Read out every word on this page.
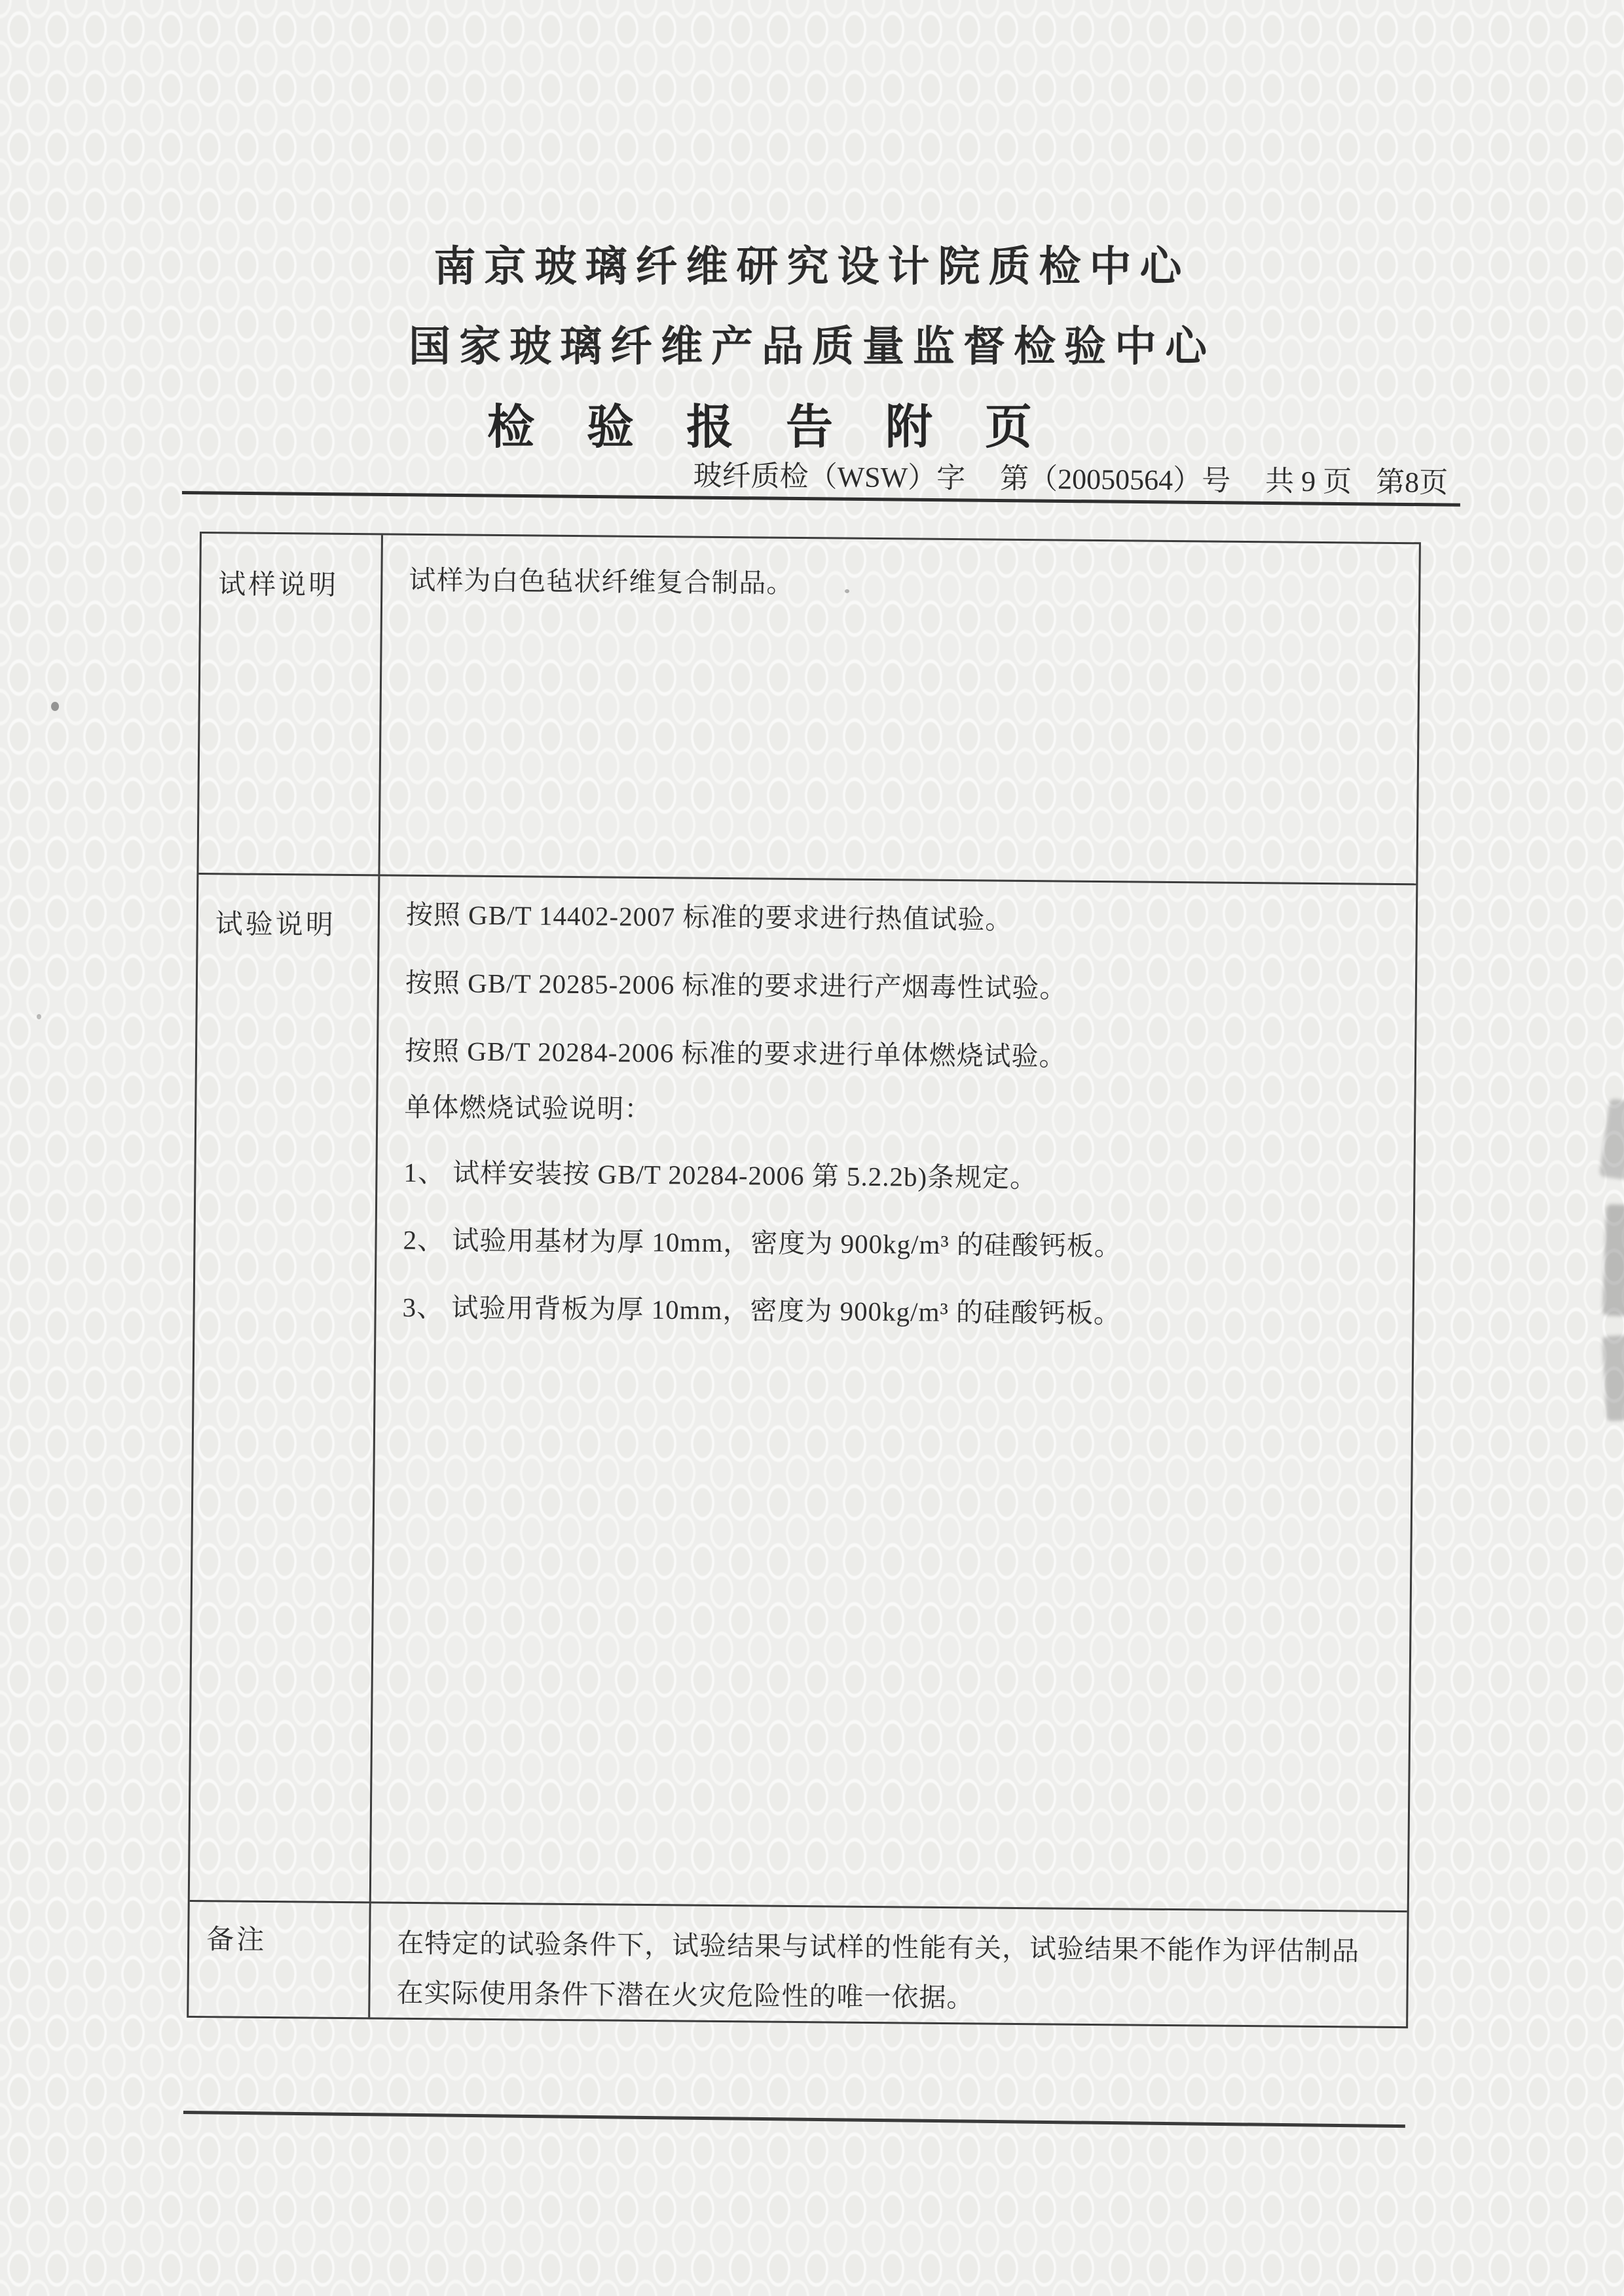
南京玻璃纤维研究设计院质检中心
国家玻璃纤维产品质量监督检验中心
检验报告附页
玻纤质检（WSW）字 第（20050564）号 共 9 页 第8页
试样说明	试样为白色毡状纤维复合制品。
试验说明	按照 GB/T 14402-2007 标准的要求进行热值试验。
按照 GB/T 20285-2006 标准的要求进行产烟毒性试验。
按照 GB/T 20284-2006 标准的要求进行单体燃烧试验。
单体燃烧试验说明：
1、 试样安装按 GB/T 20284-2006 第 5.2.2b)条规定。
2、 试验用基材为厚 10mm，密度为 900kg/m³ 的硅酸钙板。
3、 试验用背板为厚 10mm，密度为 900kg/m³ 的硅酸钙板。
备注	在特定的试验条件下，试验结果与试样的性能有关，试验结果不能作为评估制品
在实际使用条件下潜在火灾危险性的唯一依据。
